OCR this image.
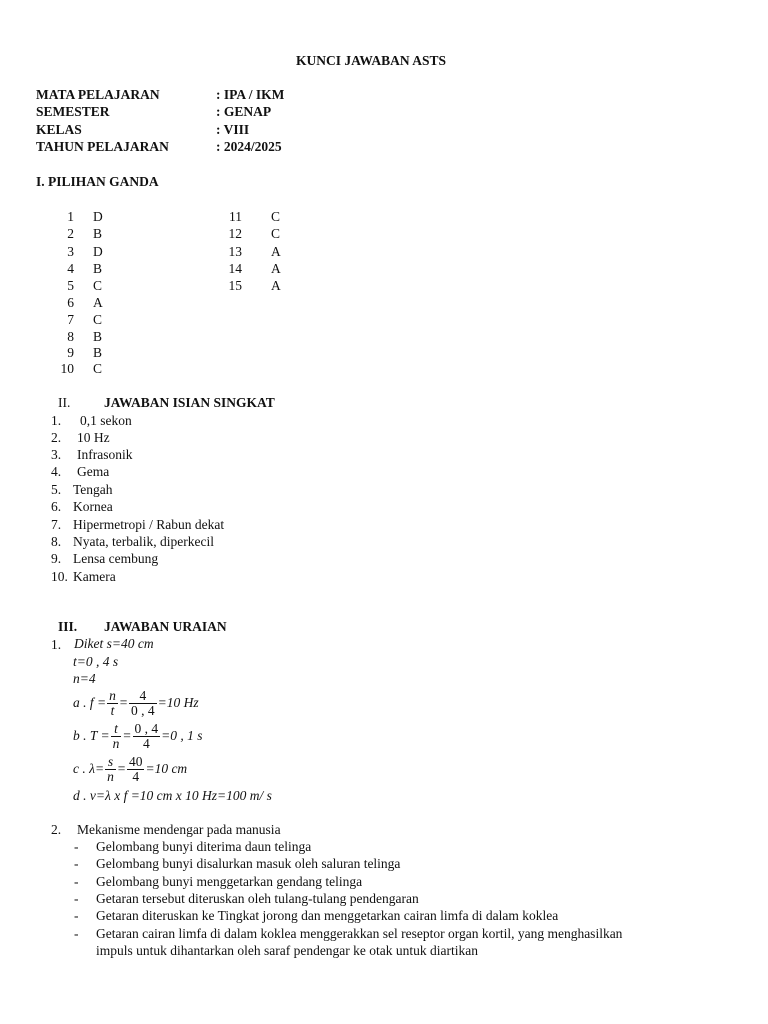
KUNCI JAWABAN ASTS
MATA PELAJARAN	: IPA / IKM
SEMESTER	: GENAP
KELAS	: VIII
TAHUN PELAJARAN	: 2024/2025
I. PILIHAN GANDA
1 D
2 B
3 D
4 B
5 C
6 A
7 C
8 B
9 B
10 C
11 C
12 C
13 A
14 A
15 A
II. JAWABAN ISIAN SINGKAT
1. 0,1 sekon
2. 10 Hz
3. Infrasonik
4. Gema
5. Tengah
6. Kornea
7. Hipermetropi / Rabun dekat
8. Nyata, terbalik, diperkecil
9. Lensa cembung
10. Kamera
III. JAWABAN URAIAN
1. Diket s=40 cm
t=0 , 4 s
n=4
a . $f = \frac{n}{t} = \frac{4}{0 , 4} =10$ Hz
b . $T = \frac{t}{n} = \frac{0 , 4}{4} =0$ , 1 s
c . $\lambda= \frac{s}{n} = \frac{40}{4} =10$ cm
d . v=λ x f =10 cm x 10 Hz=100 m/ s
2. Mekanisme mendengar pada manusia
- Gelombang bunyi diterima daun telinga
- Gelombang bunyi disalurkan masuk oleh saluran telinga
- Gelombang bunyi menggetarkan gendang telinga
- Getaran tersebut diteruskan oleh tulang-tulang pendengaran
- Getaran diteruskan ke Tingkat jorong dan menggetarkan cairan limfa di dalam koklea
- Getaran cairan limfa di dalam koklea menggerakkan sel reseptor organ kortil, yang menghasilkan
impuls untuk dihantarkan oleh saraf pendengar ke otak untuk diartikan
